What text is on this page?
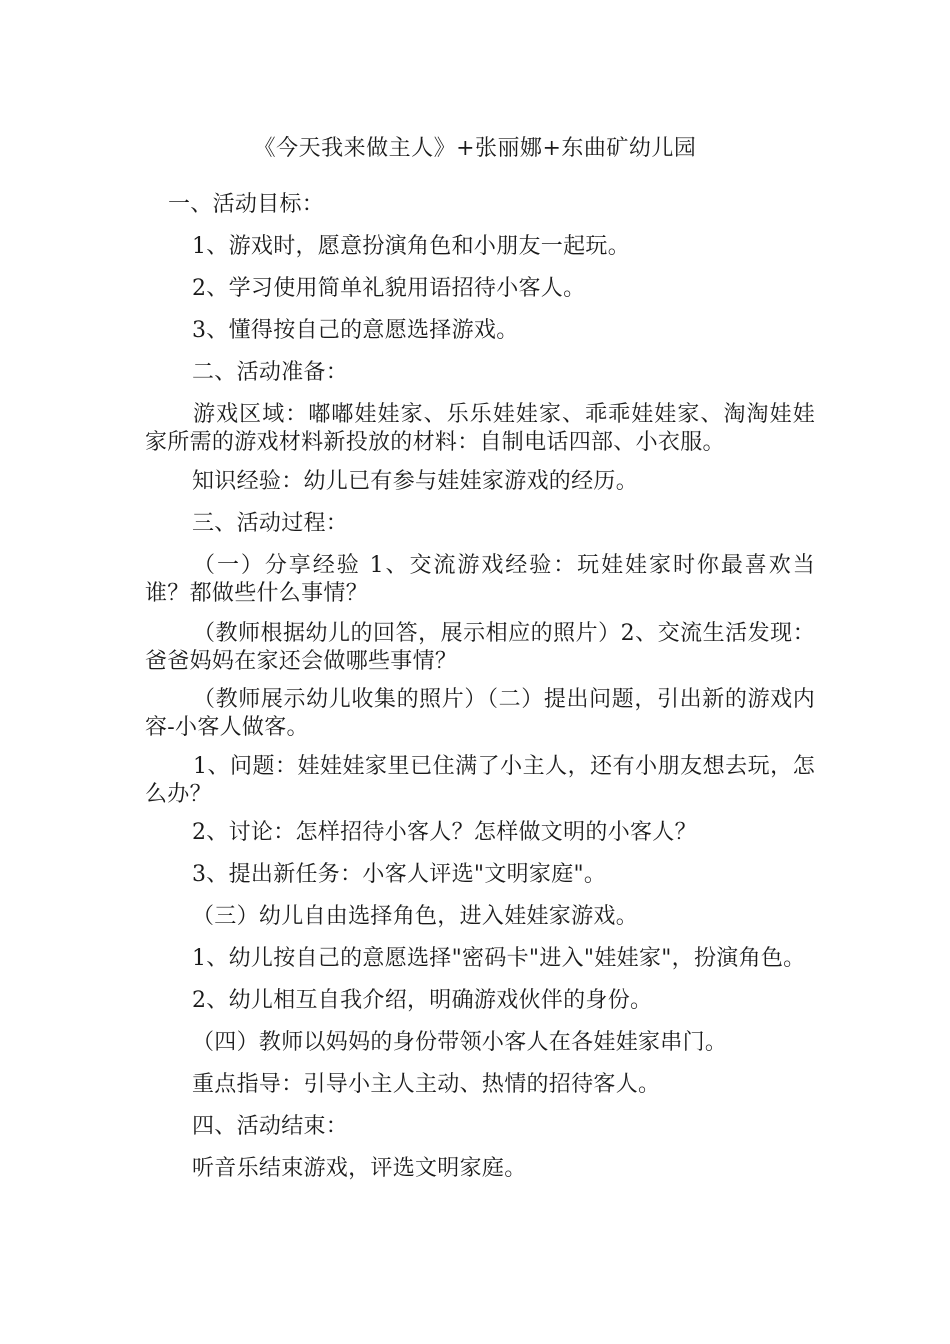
《今天我来做主人》+张丽娜+东曲矿幼儿园
一、活动目标：
1、游戏时，愿意扮演角色和小朋友一起玩。
2、学习使用简单礼貌用语招待小客人。
3、懂得按自己的意愿选择游戏。
二、活动准备：
游戏区域：嘟嘟娃娃家、乐乐娃娃家、乖乖娃娃家、淘淘娃娃家所需的游戏材料新投放的材料：自制电话四部、小衣服。
知识经验：幼儿已有参与娃娃家游戏的经历。
三、活动过程：
（一）分享经验 1、交流游戏经验：玩娃娃家时你最喜欢当谁？都做些什么事情？
（教师根据幼儿的回答，展示相应的照片）2、交流生活发现：爸爸妈妈在家还会做哪些事情？
（教师展示幼儿收集的照片）（二）提出问题，引出新的游戏内容-小客人做客。
1、问题：娃娃娃家里已住满了小主人，还有小朋友想去玩，怎么办？
2、讨论：怎样招待小客人？怎样做文明的小客人？
3、提出新任务：小客人评选"文明家庭"。
（三）幼儿自由选择角色，进入娃娃家游戏。
1、幼儿按自己的意愿选择"密码卡"进入"娃娃家"，扮演角色。
2、幼儿相互自我介绍，明确游戏伙伴的身份。
（四）教师以妈妈的身份带领小客人在各娃娃家串门。
重点指导：引导小主人主动、热情的招待客人。
四、活动结束：
听音乐结束游戏，评选文明家庭。
